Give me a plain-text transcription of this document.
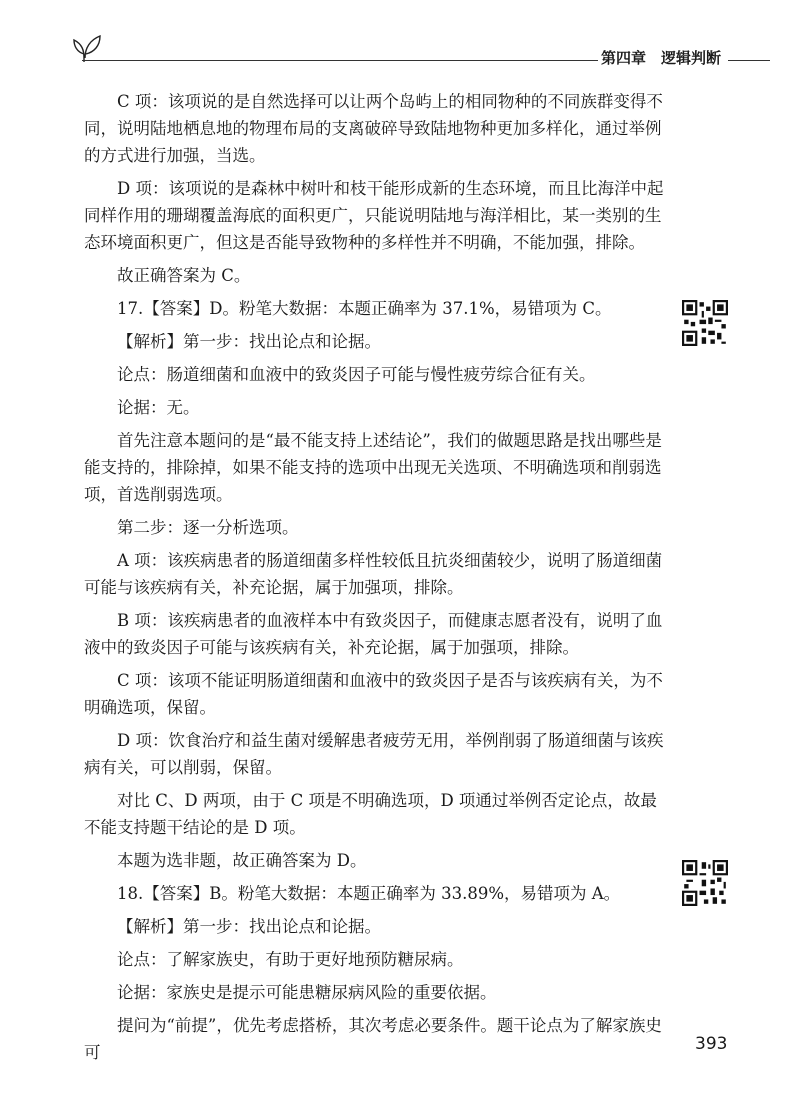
第四章　逻辑判断

C 项：该项说的是自然选择可以让两个岛屿上的相同物种的不同族群变得不同，说明陆地栖息地的物理布局的支离破碎导致陆地物种更加多样化，通过举例的方式进行加强，当选。

D 项：该项说的是森林中树叶和枝干能形成新的生态环境，而且比海洋中起同样作用的珊瑚覆盖海底的面积更广，只能说明陆地与海洋相比，某一类别的生态环境面积更广，但这是否能导致物种的多样性并不明确，不能加强，排除。

故正确答案为 C。

17.【答案】D。粉笔大数据：本题正确率为 37.1%，易错项为 C。

【解析】第一步：找出论点和论据。

论点：肠道细菌和血液中的致炎因子可能与慢性疲劳综合征有关。

论据：无。

首先注意本题问的是“最不能支持上述结论”，我们的做题思路是找出哪些是能支持的，排除掉，如果不能支持的选项中出现无关选项、不明确选项和削弱选项，首选削弱选项。

第二步：逐一分析选项。

A 项：该疾病患者的肠道细菌多样性较低且抗炎细菌较少，说明了肠道细菌可能与该疾病有关，补充论据，属于加强项，排除。

B 项：该疾病患者的血液样本中有致炎因子，而健康志愿者没有，说明了血液中的致炎因子可能与该疾病有关，补充论据，属于加强项，排除。

C 项：该项不能证明肠道细菌和血液中的致炎因子是否与该疾病有关，为不明确选项，保留。

D 项：饮食治疗和益生菌对缓解患者疲劳无用，举例削弱了肠道细菌与该疾病有关，可以削弱，保留。

对比 C、D 两项，由于 C 项是不明确选项，D 项通过举例否定论点，故最不能支持题干结论的是 D 项。

本题为选非题，故正确答案为 D。

18.【答案】B。粉笔大数据：本题正确率为 33.89%，易错项为 A。

【解析】第一步：找出论点和论据。

论点：了解家族史，有助于更好地预防糖尿病。

论据：家族史是提示可能患糖尿病风险的重要依据。

提问为“前提”，优先考虑搭桥，其次考虑必要条件。题干论点为了解家族史可	393
